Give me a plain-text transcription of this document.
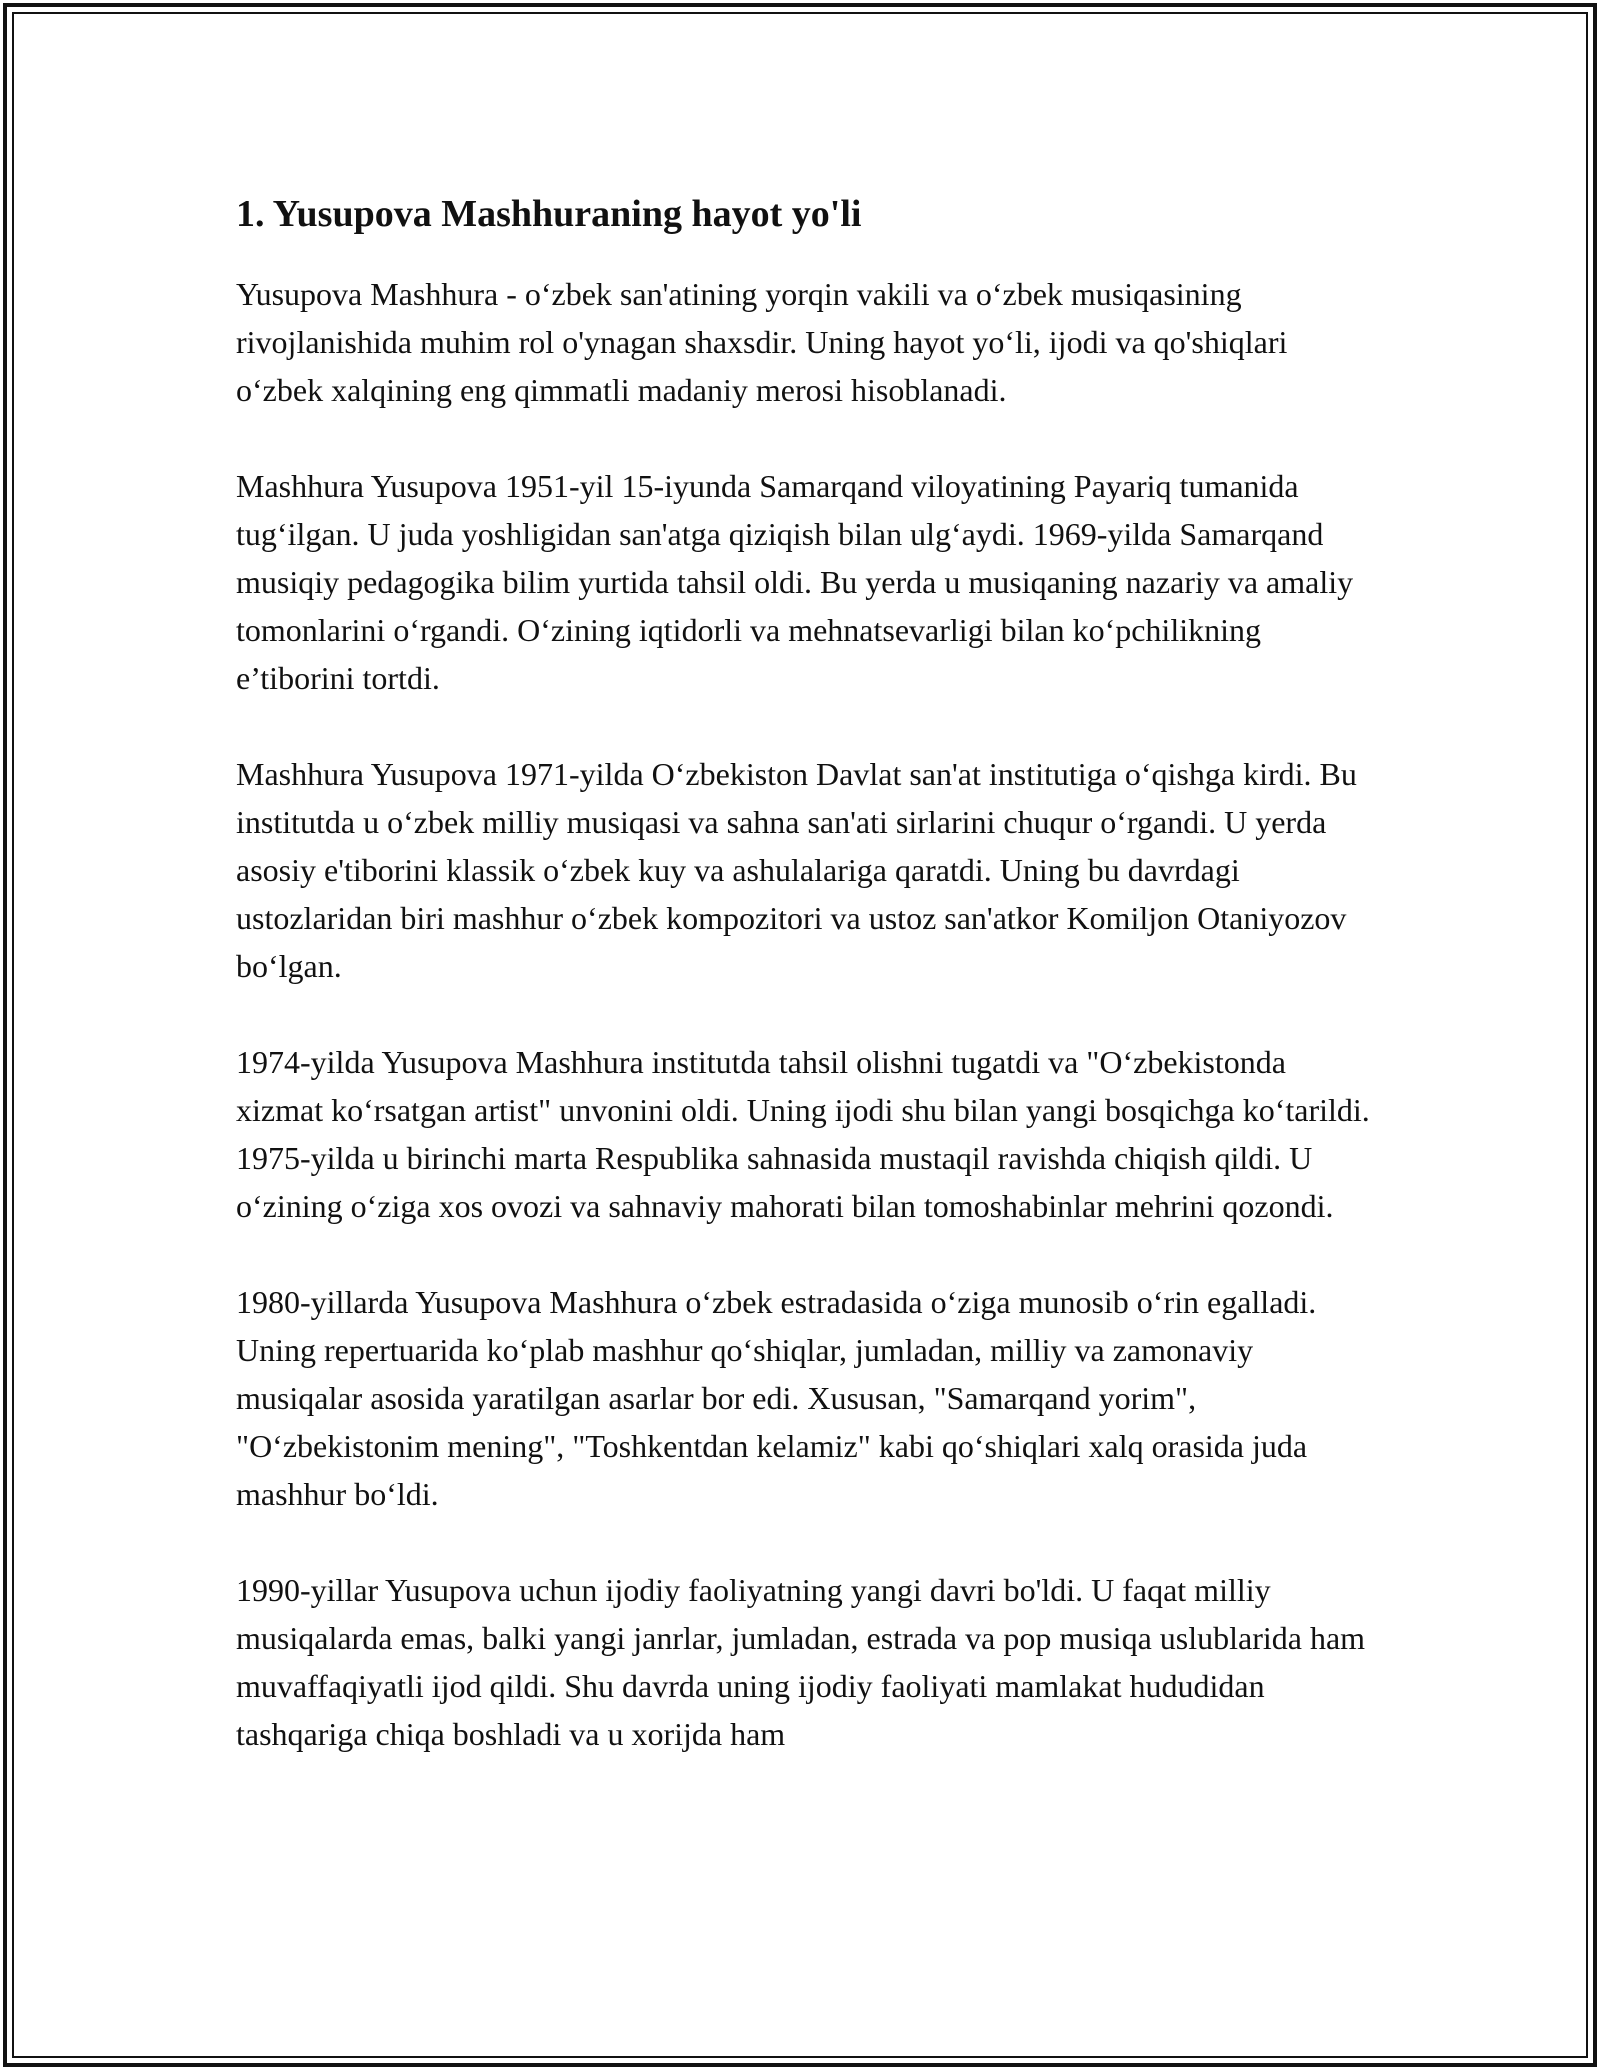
1. Yusupova Mashhuraning hayot yo'li

Yusupova Mashhura - o‘zbek san'atining yorqin vakili va o‘zbek musiqasining rivojlanishida muhim rol o'ynagan shaxsdir. Uning hayot yo‘li, ijodi va qo'shiqlari o‘zbek xalqining eng qimmatli madaniy merosi hisoblanadi.

Mashhura Yusupova 1951-yil 15-iyunda Samarqand viloyatining Payariq tumanida tug‘ilgan. U juda yoshligidan san'atga qiziqish bilan ulg‘aydi. 1969-yilda Samarqand musiqiy pedagogika bilim yurtida tahsil oldi. Bu yerda u musiqaning nazariy va amaliy tomonlarini o‘rgandi. O‘zining iqtidorli va mehnatsevarligi bilan ko‘pchilikning e’tiborini tortdi.

Mashhura Yusupova 1971-yilda O‘zbekiston Davlat san'at institutiga o‘qishga kirdi. Bu institutda u o‘zbek milliy musiqasi va sahna san'ati sirlarini chuqur o‘rgandi. U yerda asosiy e'tiborini klassik o‘zbek kuy va ashulalariga qaratdi. Uning bu davrdagi ustozlaridan biri mashhur o‘zbek kompozitori va ustoz san'atkor Komiljon Otaniyozov bo‘lgan.

1974-yilda Yusupova Mashhura institutda tahsil olishni tugatdi va "O‘zbekistonda xizmat ko‘rsatgan artist" unvonini oldi. Uning ijodi shu bilan yangi bosqichga ko‘tarildi. 1975-yilda u birinchi marta Respublika sahnasida mustaqil ravishda chiqish qildi. U o‘zining o‘ziga xos ovozi va sahnaviy mahorati bilan tomoshabinlar mehrini qozondi.

1980-yillarda Yusupova Mashhura o‘zbek estradasida o‘ziga munosib o‘rin egalladi. Uning repertuarida ko‘plab mashhur qo‘shiqlar, jumladan, milliy va zamonaviy musiqalar asosida yaratilgan asarlar bor edi. Xususan, "Samarqand yorim", "O‘zbekistonim mening", "Toshkentdan kelamiz" kabi qo‘shiqlari xalq orasida juda mashhur bo‘ldi.

1990-yillar Yusupova uchun ijodiy faoliyatning yangi davri bo'ldi. U faqat milliy musiqalarda emas, balki yangi janrlar, jumladan, estrada va pop musiqa uslublarida ham muvaffaqiyatli ijod qildi. Shu davrda uning ijodiy faoliyati mamlakat hududidan tashqariga chiqa boshladi va u xorijda ham
